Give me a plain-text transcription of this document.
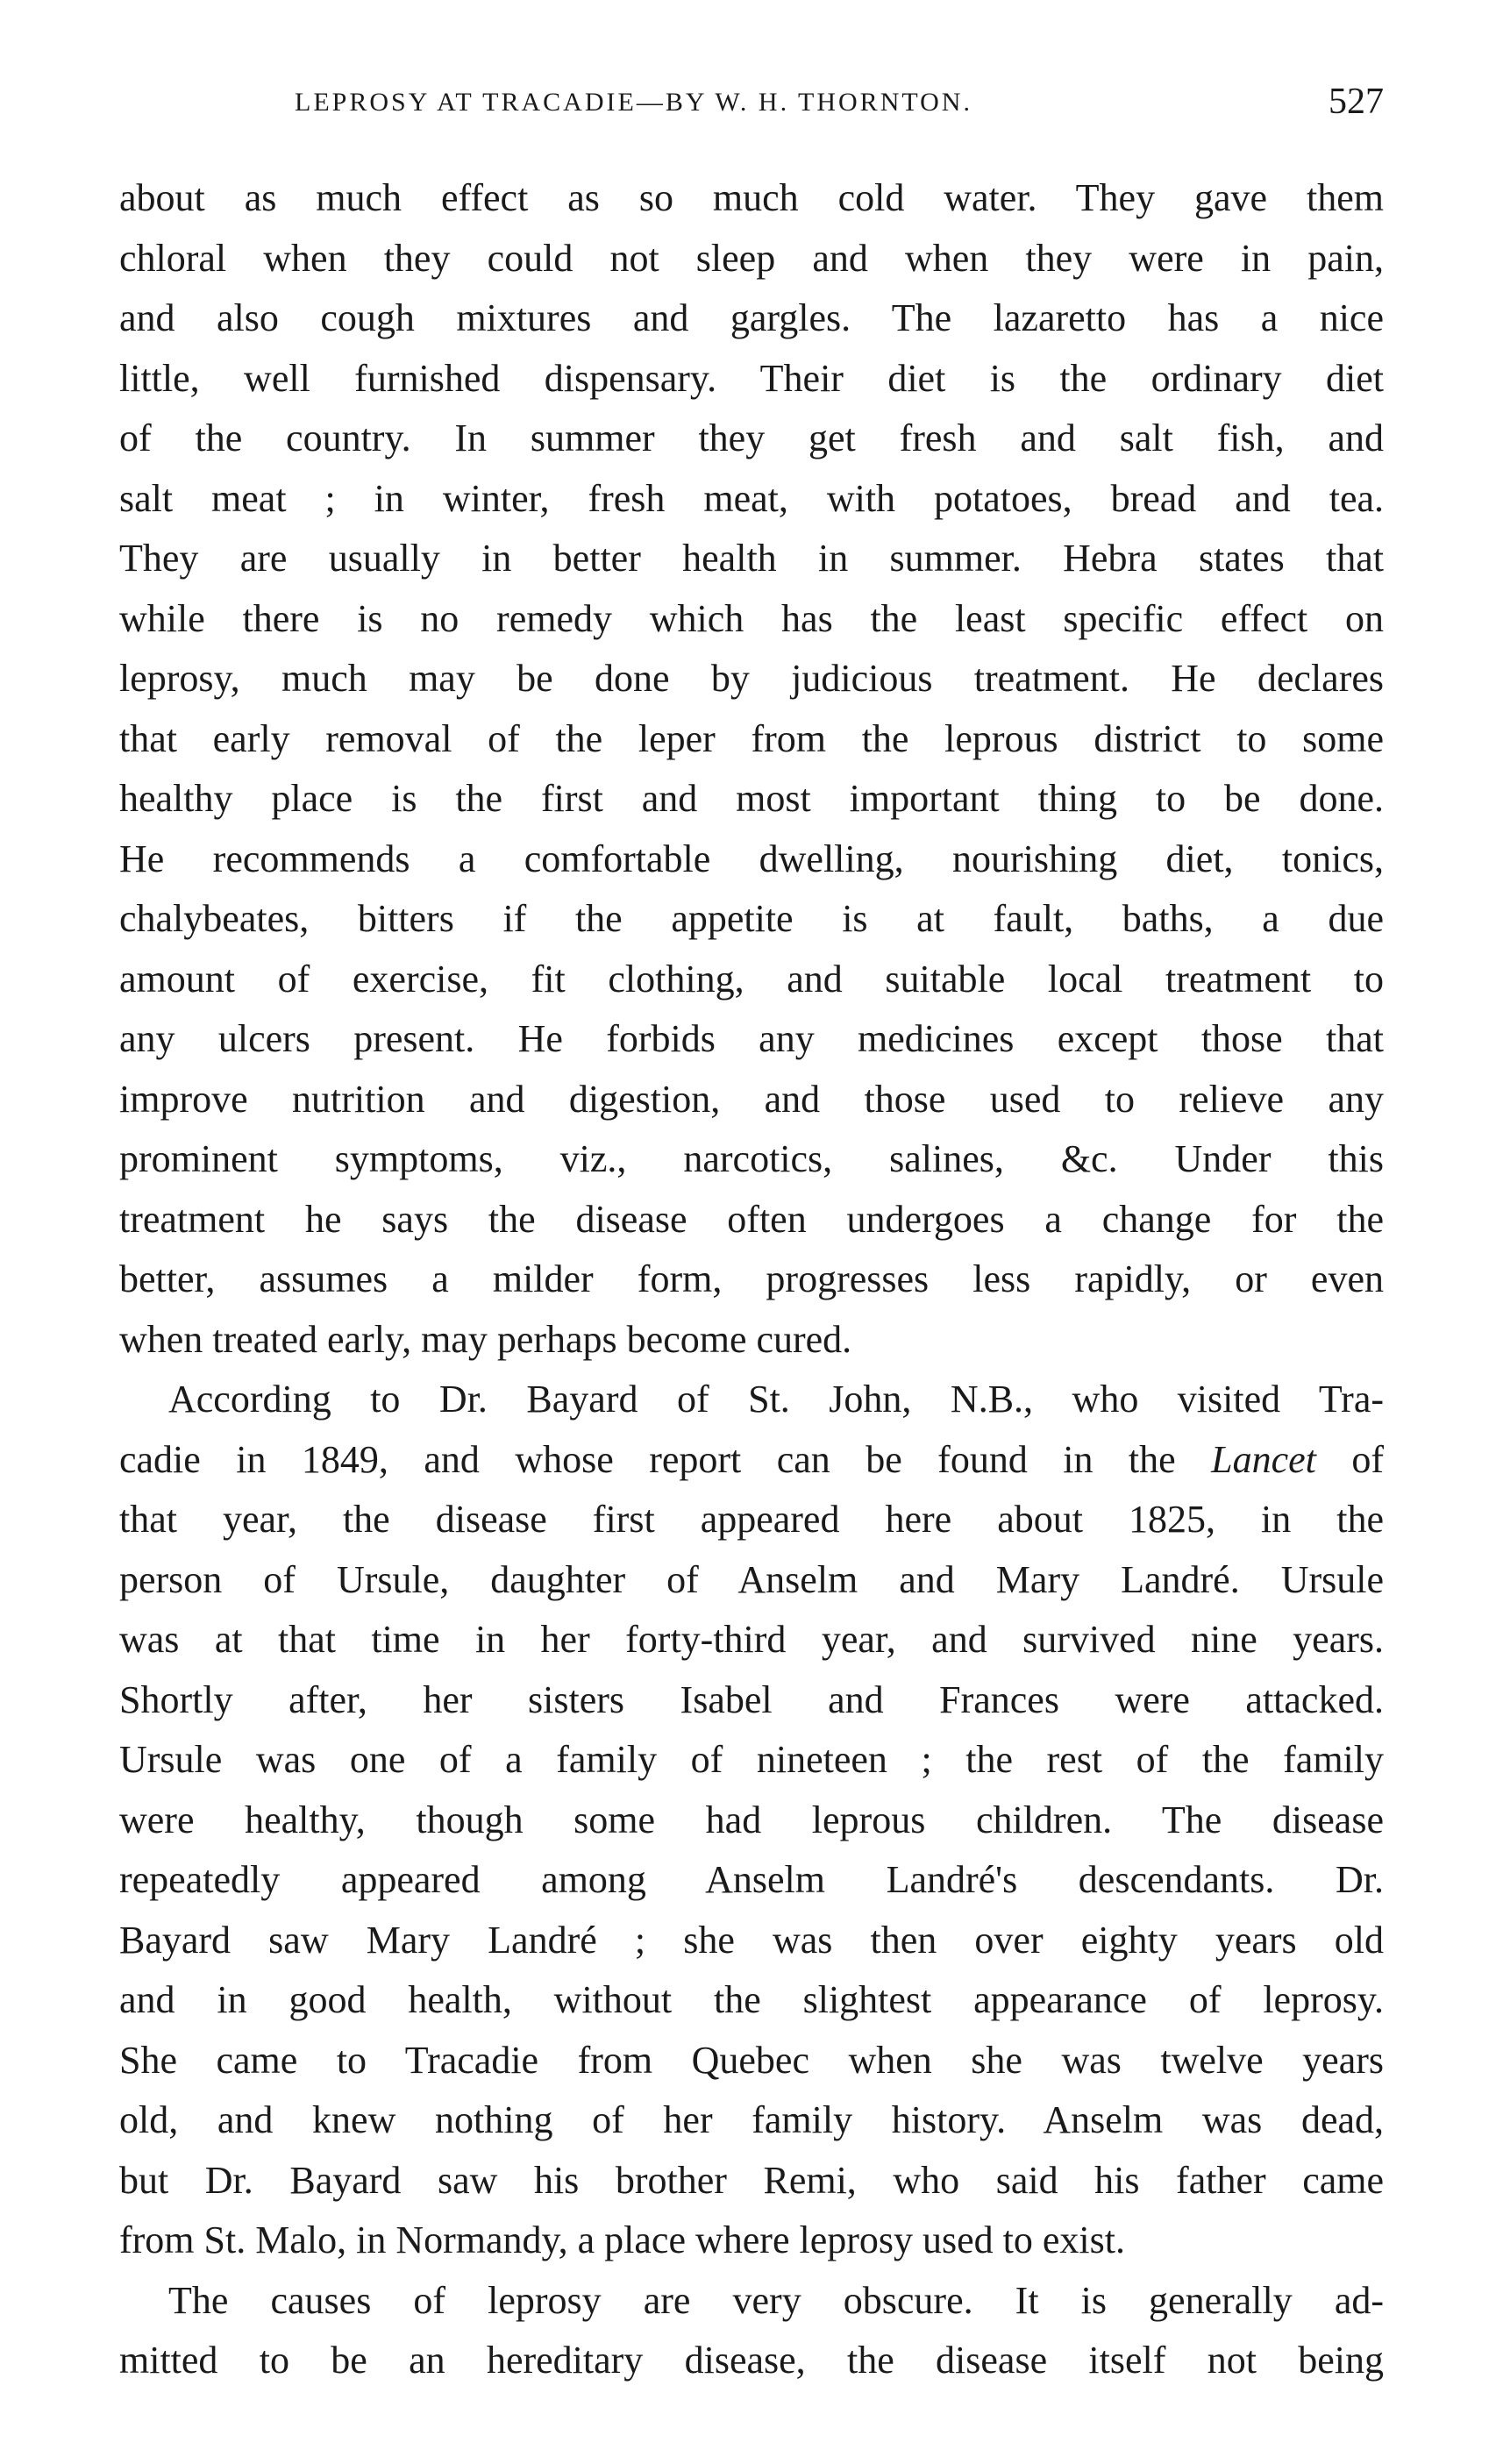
LEPROSY AT TRACADIE—BY W. H. THORNTON.	527
about as much effect as so much cold water. They gave them
chloral when they could not sleep and when they were in pain,
and also cough mixtures and gargles. The lazaretto has a nice
little, well furnished dispensary. Their diet is the ordinary diet
of the country. In summer they get fresh and salt fish, and
salt meat ; in winter, fresh meat, with potatoes, bread and tea.
They are usually in better health in summer. Hebra states that
while there is no remedy which has the least specific effect on
leprosy, much may be done by judicious treatment. He declares
that early removal of the leper from the leprous district to some
healthy place is the first and most important thing to be done.
He recommends a comfortable dwelling, nourishing diet, tonics,
chalybeates, bitters if the appetite is at fault, baths, a due
amount of exercise, fit clothing, and suitable local treatment to
any ulcers present. He forbids any medicines except those that
improve nutrition and digestion, and those used to relieve any
prominent symptoms, viz., narcotics, salines, &c. Under this
treatment he says the disease often undergoes a change for the
better, assumes a milder form, progresses less rapidly, or even
when treated early, may perhaps become cured.
According to Dr. Bayard of St. John, N.B., who visited Tra-
cadie in 1849, and whose report can be found in the Lancet of
that year, the disease first appeared here about 1825, in the
person of Ursule, daughter of Anselm and Mary Landré. Ursule
was at that time in her forty-third year, and survived nine years.
Shortly after, her sisters Isabel and Frances were attacked.
Ursule was one of a family of nineteen ; the rest of the family
were healthy, though some had leprous children. The disease
repeatedly appeared among Anselm Landré's descendants. Dr.
Bayard saw Mary Landré ; she was then over eighty years old
and in good health, without the slightest appearance of leprosy.
She came to Tracadie from Quebec when she was twelve years
old, and knew nothing of her family history. Anselm was dead,
but Dr. Bayard saw his brother Remi, who said his father came
from St. Malo, in Normandy, a place where leprosy used to exist.
The causes of leprosy are very obscure. It is generally ad-
mitted to be an hereditary disease, the disease itself not being
